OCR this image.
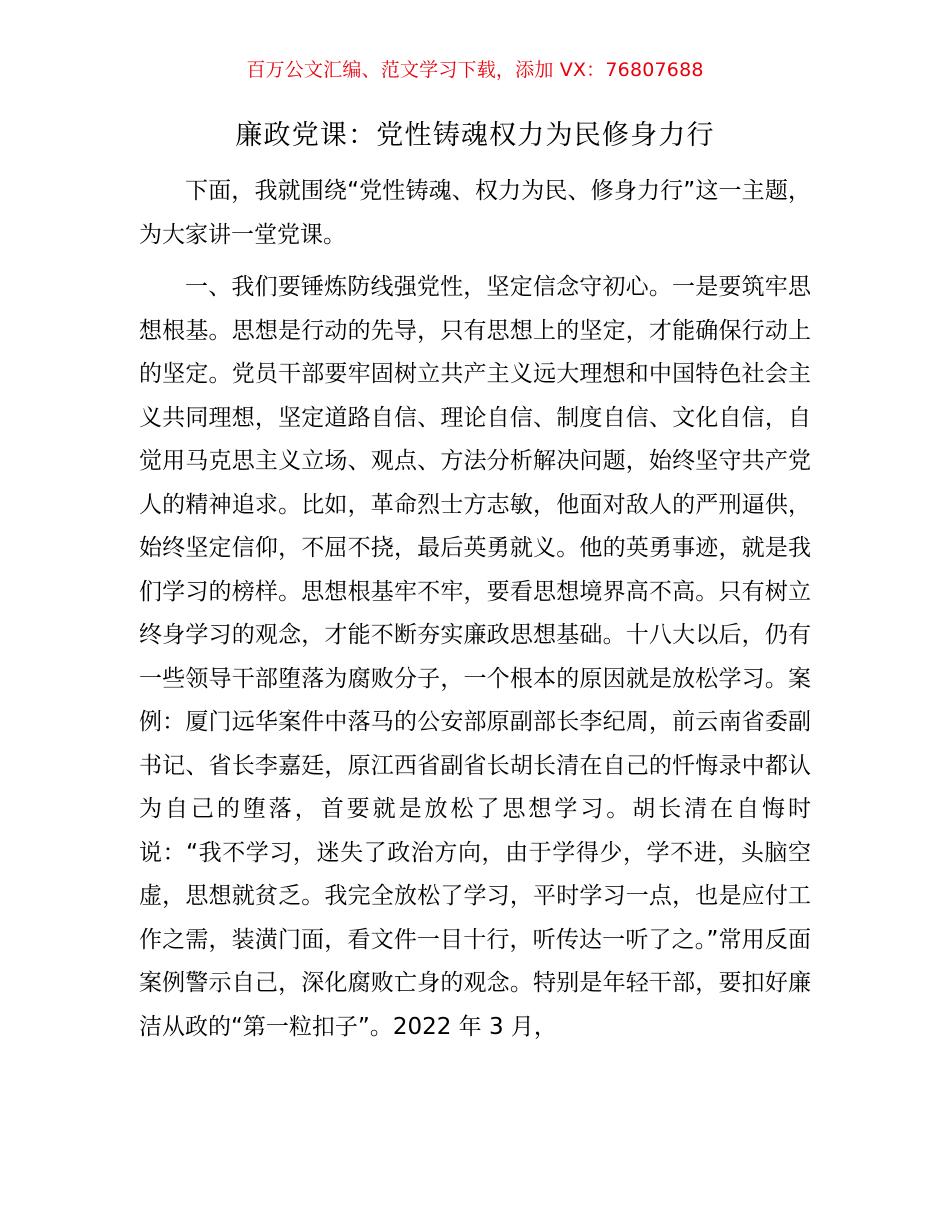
百万公文汇编、范文学习下载，添加 VX：76807688
廉政党课：党性铸魂权力为民修身力行

下面，我就围绕“党性铸魂、权力为民、修身力行”这一主题，为大家讲一堂党课。

一、我们要锤炼防线强党性，坚定信念守初心。一是要筑牢思想根基。思想是行动的先导，只有思想上的坚定，才能确保行动上的坚定。党员干部要牢固树立共产主义远大理想和中国特色社会主义共同理想，坚定道路自信、理论自信、制度自信、文化自信，自觉用马克思主义立场、观点、方法分析解决问题，始终坚守共产党人的精神追求。比如，革命烈士方志敏，他面对敌人的严刑逼供，始终坚定信仰，不屈不挠，最后英勇就义。他的英勇事迹，就是我们学习的榜样。思想根基牢不牢，要看思想境界高不高。只有树立终身学习的观念，才能不断夯实廉政思想基础。十八大以后，仍有一些领导干部堕落为腐败分子，一个根本的原因就是放松学习。案例：厦门远华案件中落马的公安部原副部长李纪周，前云南省委副书记、省长李嘉廷，原江西省副省长胡长清在自己的忏悔录中都认为自己的堕落，首要就是放松了思想学习。胡长清在自悔时说：“我不学习，迷失了政治方向，由于学得少，学不进，头脑空虚，思想就贫乏。我完全放松了学习，平时学习一点，也是应付工作之需，装潢门面，看文件一目十行，听传达一听了之。”常用反面案例警示自己，深化腐败亡身的观念。特别是年轻干部，要扣好廉洁从政的“第一粒扣子”。2022 年 3 月，
